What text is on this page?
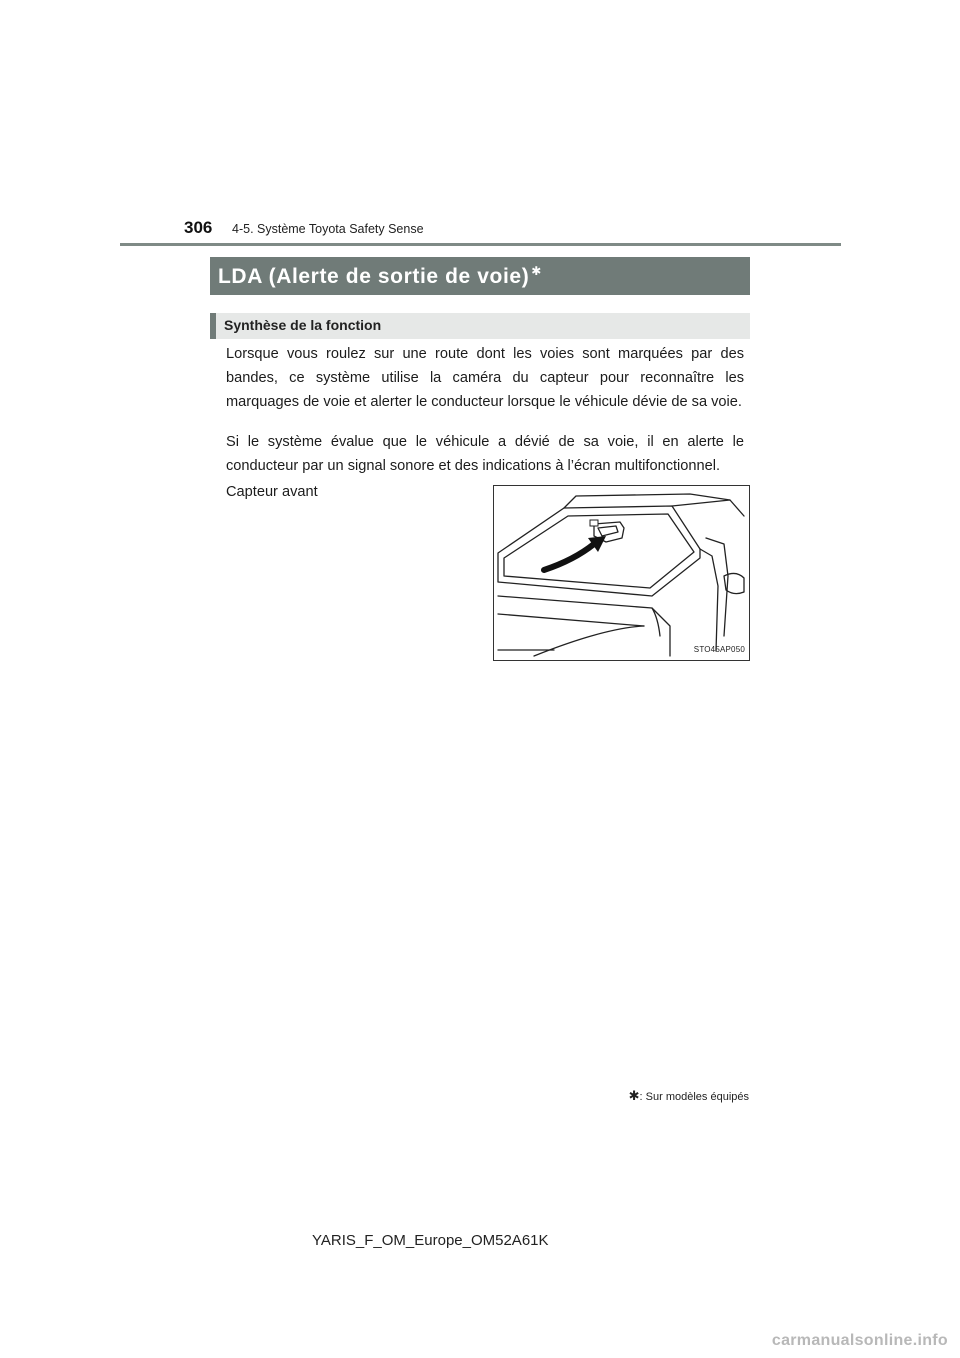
306 4-5. Système Toyota Safety Sense
LDA (Alerte de sortie de voie) ✱
Synthèse de la fonction

Lorsque vous roulez sur une route dont les voies sont marquées par des bandes, ce système utilise la caméra du capteur pour reconnaître les marquages de voie et alerter le conducteur lorsque le véhicule dévie de sa voie.

Si le système évalue que le véhicule a dévié de sa voie, il en alerte le conducteur par un signal sonore et des indications à l’écran multifonctionnel.

Capteur avant
STO45AP050
✱: Sur modèles équipés
YARIS_F_OM_Europe_OM52A61K
carmanualsonline.info
